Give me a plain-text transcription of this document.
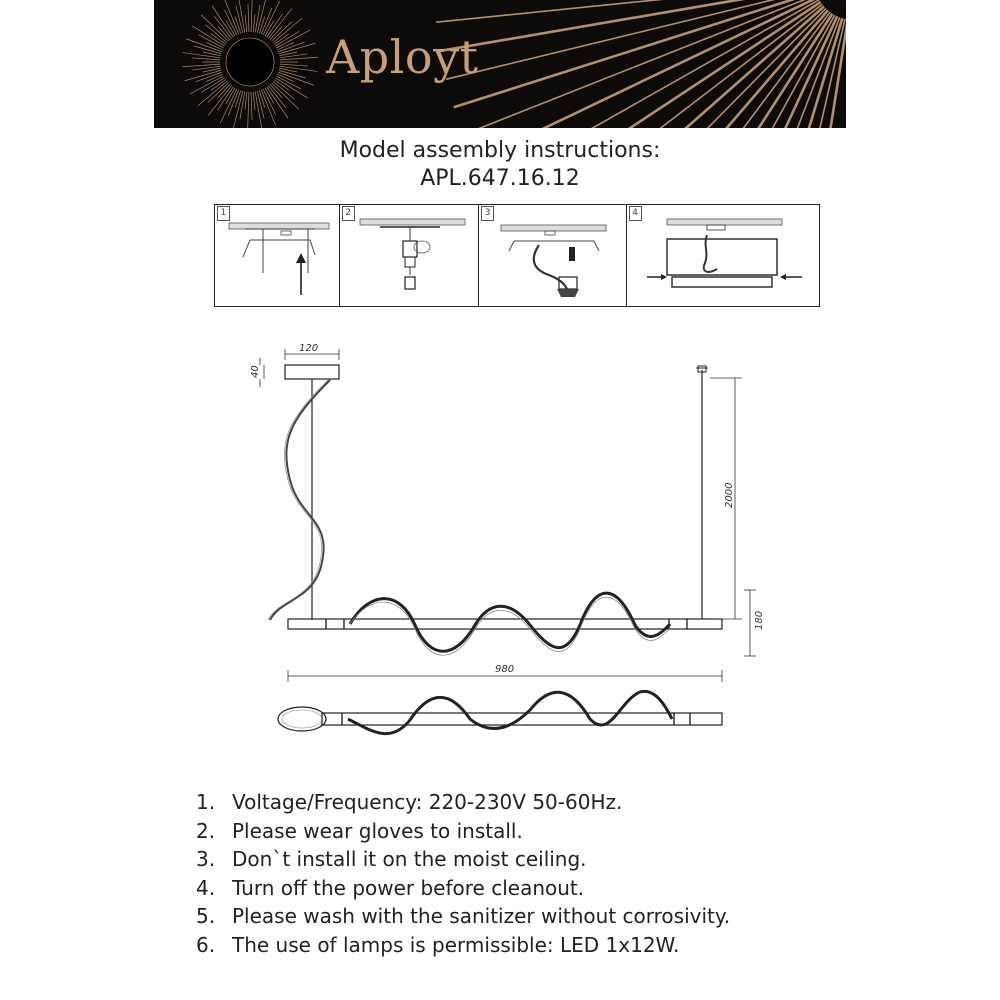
Aployt
Model assembly instructions:
APL.647.16.12
1	2	3	4
120
40
2000
180
980
1. Voltage/Frequency: 220-230V 50-60Hz.
2. Please wear gloves to install.
3. Don`t install it on the moist ceiling.
4. Turn off the power before cleanout.
5. Please wash with the sanitizer without corrosivity.
6. The use of lamps is permissible: LED 1x12W.
